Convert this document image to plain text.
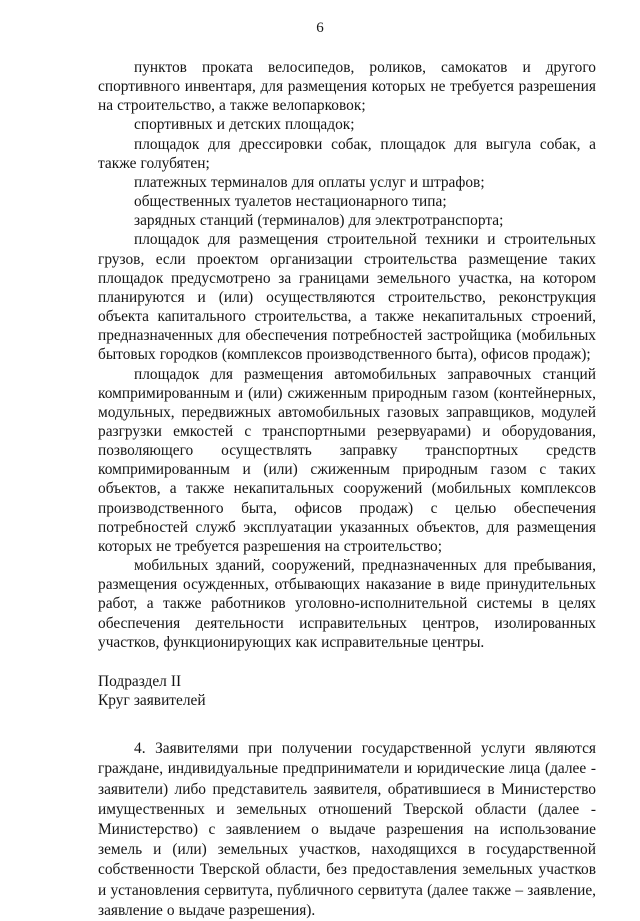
6

пунктов проката велосипедов, роликов, самокатов и другого спортивного инвентаря, для размещения которых не требуется разрешения на строительство, а также велопарковок;

спортивных и детских площадок;

площадок для дрессировки собак, площадок для выгула собак, а также голубятен;

платежных терминалов для оплаты услуг и штрафов;

общественных туалетов нестационарного типа;

зарядных станций (терминалов) для электротранспорта;

площадок для размещения строительной техники и строительных грузов, если проектом организации строительства размещение таких площадок предусмотрено за границами земельного участка, на котором планируются и (или) осуществляются строительство, реконструкция объекта капитального строительства, а также некапитальных строений, предназначенных для обеспечения потребностей застройщика (мобильных бытовых городков (комплексов производственного быта), офисов продаж);

площадок для размещения автомобильных заправочных станций компримированным и (или) сжиженным природным газом (контейнерных, модульных, передвижных автомобильных газовых заправщиков, модулей разгрузки емкостей с транспортными резервуарами) и оборудования, позволяющего осуществлять заправку транспортных средств компримированным и (или) сжиженным природным газом с таких объектов, а также некапитальных сооружений (мобильных комплексов производственного быта, офисов продаж) с целью обеспечения потребностей служб эксплуатации указанных объектов, для размещения которых не требуется разрешения на строительство;

мобильных зданий, сооружений, предназначенных для пребывания, размещения осужденных, отбывающих наказание в виде принудительных работ, а также работников уголовно-исполнительной системы в целях обеспечения деятельности исправительных центров, изолированных участков, функционирующих как исправительные центры.

Подраздел II

Круг заявителей

4. Заявителями при получении государственной услуги являются граждане, индивидуальные предприниматели и юридические лица (далее - заявители) либо представитель заявителя, обратившиеся в Министерство имущественных и земельных отношений Тверской области (далее - Министерство) с заявлением о выдаче разрешения на использование земель и (или) земельных участков, находящихся в государственной собственности Тверской области, без предоставления земельных участков и установления сервитута, публичного сервитута (далее также – заявление, заявление о выдаче разрешения).
